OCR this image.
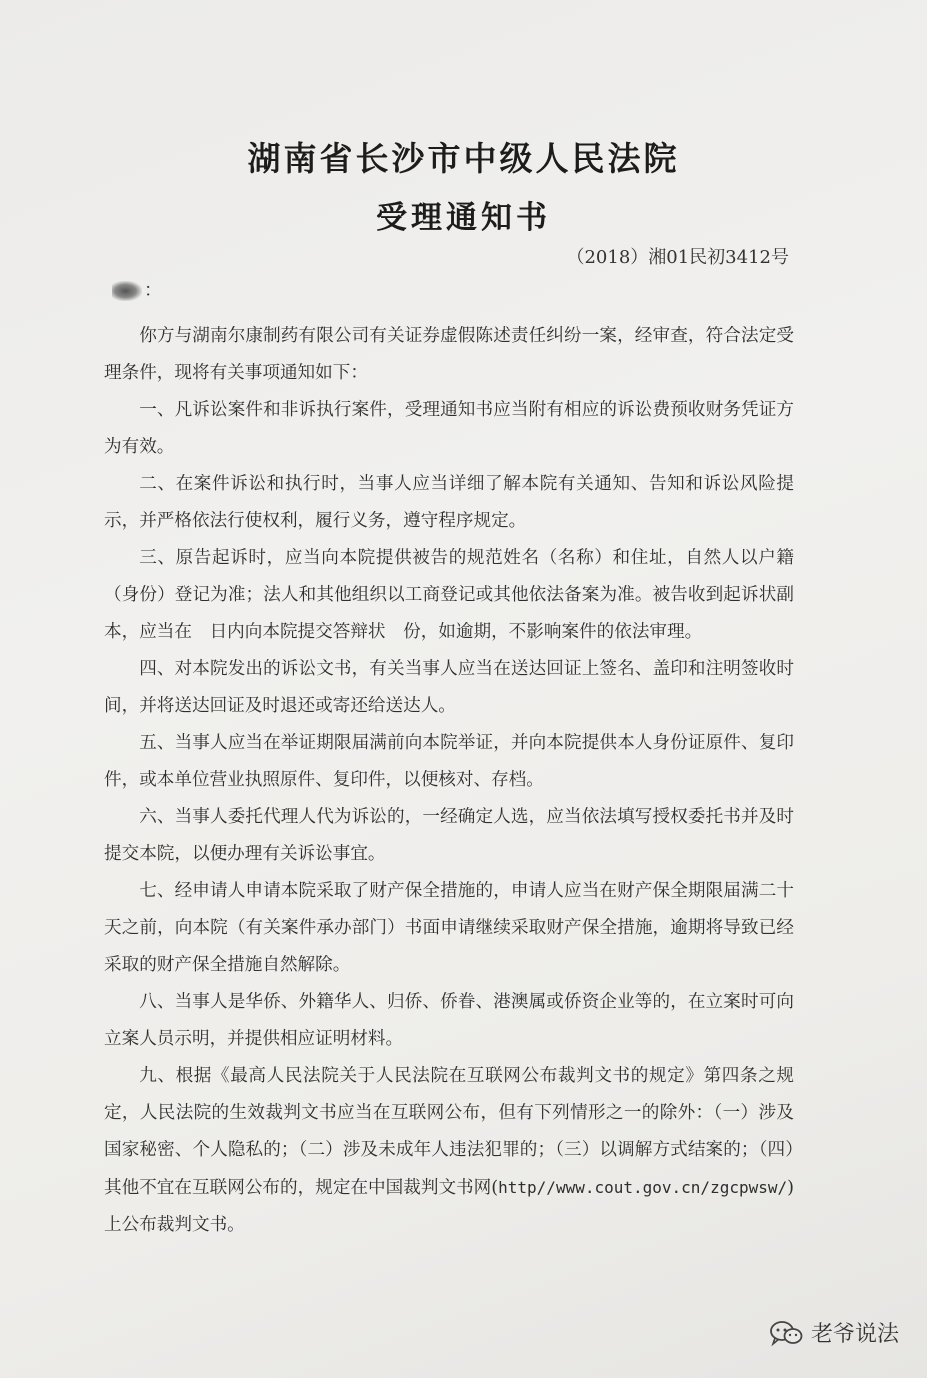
湖南省长沙市中级人民法院
受理通知书
（2018）湘01民初3412号
：

你方与湖南尔康制药有限公司有关证券虚假陈述责任纠纷一案，经审查，符合法定受理条件，现将有关事项通知如下：

一、凡诉讼案件和非诉执行案件，受理通知书应当附有相应的诉讼费预收财务凭证方为有效。

二、在案件诉讼和执行时，当事人应当详细了解本院有关通知、告知和诉讼风险提示，并严格依法行使权利，履行义务，遵守程序规定。

三、原告起诉时，应当向本院提供被告的规范姓名（名称）和住址，自然人以户籍（身份）登记为准；法人和其他组织以工商登记或其他依法备案为准。被告收到起诉状副本，应当在　日内向本院提交答辩状　份，如逾期，不影响案件的依法审理。

四、对本院发出的诉讼文书，有关当事人应当在送达回证上签名、盖印和注明签收时间，并将送达回证及时退还或寄还给送达人。

五、当事人应当在举证期限届满前向本院举证，并向本院提供本人身份证原件、复印件，或本单位营业执照原件、复印件，以便核对、存档。

六、当事人委托代理人代为诉讼的，一经确定人选，应当依法填写授权委托书并及时提交本院，以便办理有关诉讼事宜。

七、经申请人申请本院采取了财产保全措施的，申请人应当在财产保全期限届满二十天之前，向本院（有关案件承办部门）书面申请继续采取财产保全措施，逾期将导致已经采取的财产保全措施自然解除。

八、当事人是华侨、外籍华人、归侨、侨眷、港澳属或侨资企业等的，在立案时可向立案人员示明，并提供相应证明材料。

九、根据《最高人民法院关于人民法院在互联网公布裁判文书的规定》第四条之规定，人民法院的生效裁判文书应当在互联网公布，但有下列情形之一的除外：（一）涉及国家秘密、个人隐私的；（二）涉及未成年人违法犯罪的；（三）以调解方式结案的；（四）其他不宜在互联网公布的，规定在中国裁判文书网(http//www.cout.gov.cn/zgcpwsw/)上公布裁判文书。

老爷说法
